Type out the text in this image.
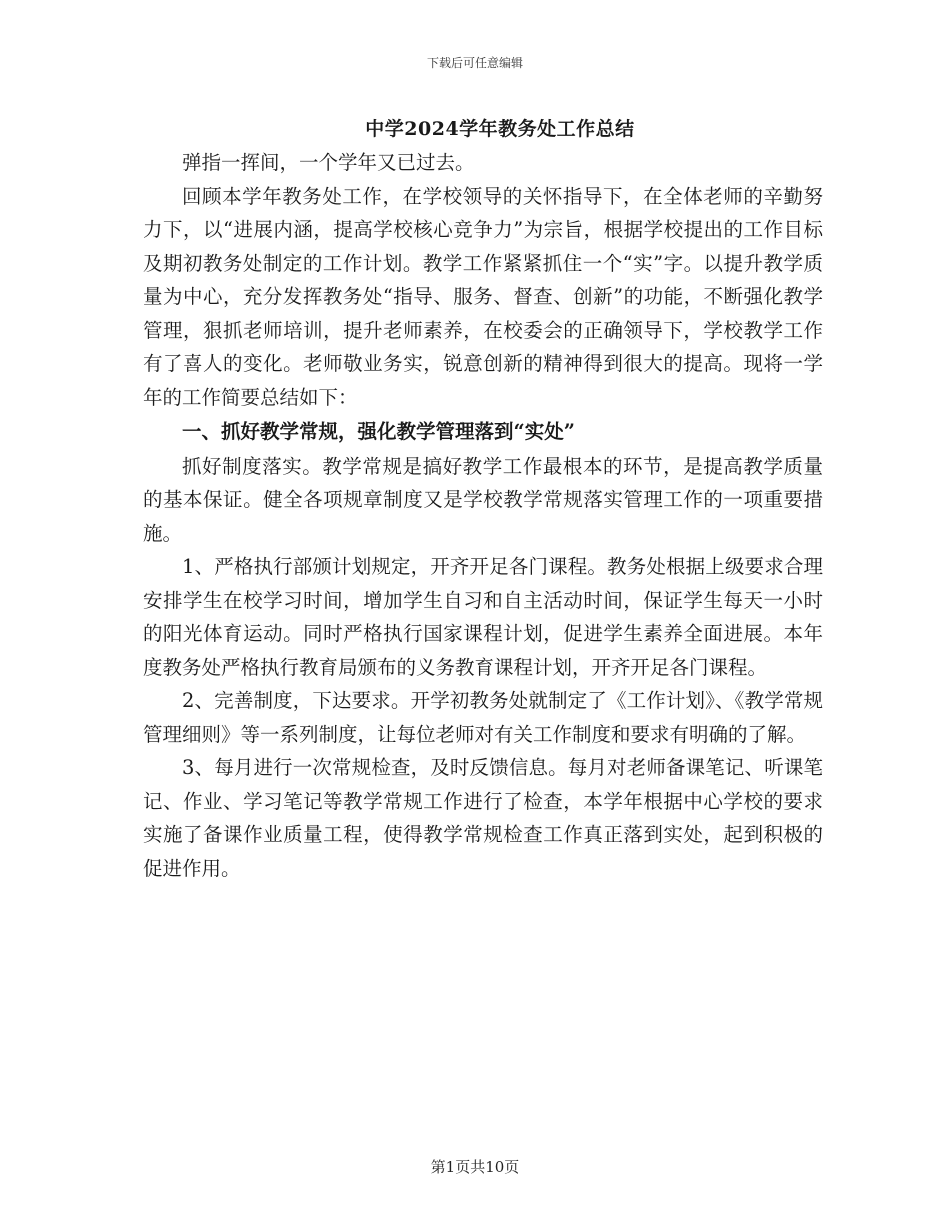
下载后可任意编辑
中学2024学年教务处工作总结

弹指一挥间，一个学年又已过去。

回顾本学年教务处工作，在学校领导的关怀指导下，在全体老师的辛勤努力下，以“进展内涵，提高学校核心竞争力”为宗旨，根据学校提出的工作目标及期初教务处制定的工作计划。教学工作紧紧抓住一个“实”字。以提升教学质量为中心，充分发挥教务处“指导、服务、督查、创新”的功能，不断强化教学管理，狠抓老师培训，提升老师素养，在校委会的正确领导下，学校教学工作有了喜人的变化。老师敬业务实，锐意创新的精神得到很大的提高。现将一学年的工作简要总结如下：

一、抓好教学常规，强化教学管理落到“实处”

抓好制度落实。教学常规是搞好教学工作最根本的环节，是提高教学质量的基本保证。健全各项规章制度又是学校教学常规落实管理工作的一项重要措施。

1、严格执行部颁计划规定，开齐开足各门课程。教务处根据上级要求合理安排学生在校学习时间，增加学生自习和自主活动时间，保证学生每天一小时的阳光体育运动。同时严格执行国家课程计划，促进学生素养全面进展。本年度教务处严格执行教育局颁布的义务教育课程计划，开齐开足各门课程。

2、完善制度，下达要求。开学初教务处就制定了《工作计划》、《教学常规管理细则》等一系列制度，让每位老师对有关工作制度和要求有明确的了解。

3、每月进行一次常规检查，及时反馈信息。每月对老师备课笔记、听课笔记、作业、学习笔记等教学常规工作进行了检查，本学年根据中心学校的要求实施了备课作业质量工程，使得教学常规检查工作真正落到实处，起到积极的促进作用。

第1页共10页
